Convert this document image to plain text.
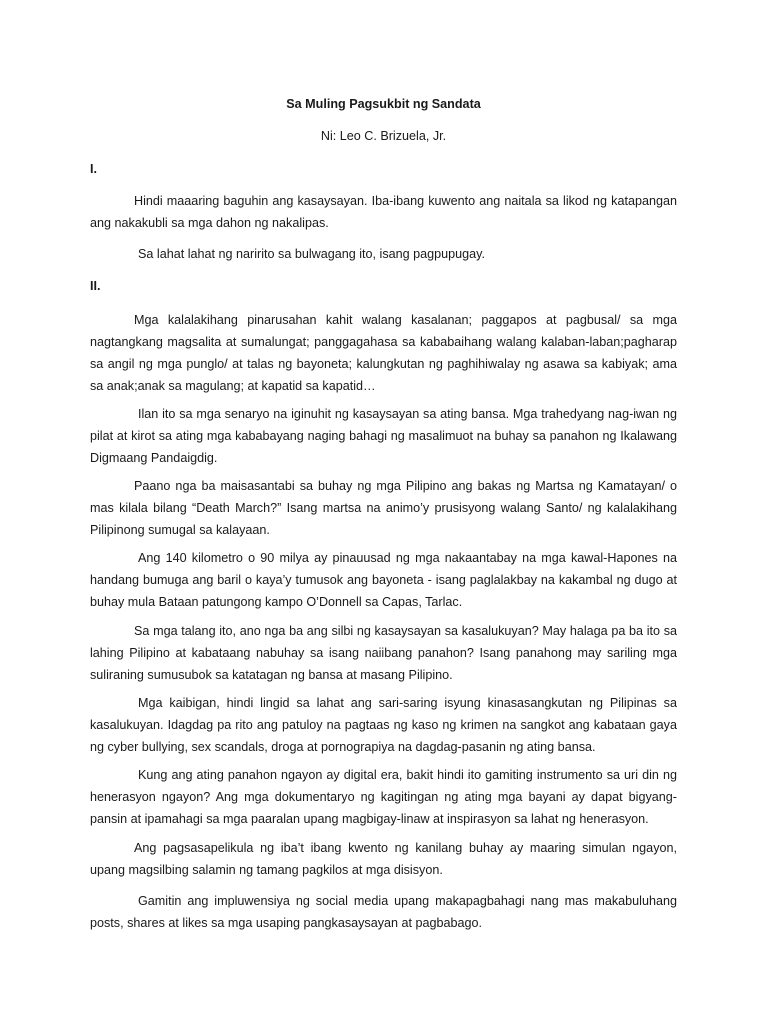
Sa Muling Pagsukbit ng Sandata
Ni: Leo C. Brizuela, Jr.
I.

Hindi maaaring baguhin ang kasaysayan. Iba-ibang kuwento ang naitala sa likod ng katapangan ang nakakubli sa mga dahon ng nakalipas.

Sa lahat lahat ng naririto sa bulwagang ito, isang pagpupugay.

II.

Mga kalalakihang pinarusahan kahit walang kasalanan; paggapos at pagbusal/ sa mga nagtangkang magsalita at sumalungat; panggagahasa sa kababaihang walang kalaban-laban;pagharap sa angil ng mga punglo/ at talas ng bayoneta; kalungkutan ng paghihiwalay ng asawa sa kabiyak; ama sa anak;anak sa magulang; at kapatid sa kapatid…

Ilan ito sa mga senaryo na iginuhit ng kasaysayan sa ating bansa. Mga trahedyang nag-iwan ng pilat at kirot sa ating mga kababayang naging bahagi ng masalimuot na buhay sa panahon ng Ikalawang Digmaang Pandaigdig.

Paano nga ba maisasantabi sa buhay ng mga Pilipino ang bakas ng Martsa ng Kamatayan/ o mas kilala bilang “Death March?” Isang martsa na animo’y prusisyong walang Santo/ ng kalalakihang Pilipinong sumugal sa kalayaan.

Ang 140 kilometro o 90 milya ay pinauusad ng mga nakaantabay na mga kawal-Hapones na handang bumuga ang baril o kaya’y tumusok ang bayoneta - isang paglalakbay na kakambal ng dugo at buhay mula Bataan patungong kampo O’Donnell sa Capas, Tarlac.

Sa mga talang ito, ano nga ba ang silbi ng kasaysayan sa kasalukuyan? May halaga pa ba ito sa lahing Pilipino at kabataang nabuhay sa isang naiibang panahon? Isang panahong may sariling mga suliraning sumusubok sa katatagan ng bansa at masang Pilipino.

Mga kaibigan, hindi lingid sa lahat ang sari-saring isyung kinasasangkutan ng Pilipinas sa kasalukuyan. Idagdag pa rito ang patuloy na pagtaas ng kaso ng krimen na sangkot ang kabataan gaya ng cyber bullying, sex scandals, droga at pornograpiya na dagdag-pasanin ng ating bansa.

Kung ang ating panahon ngayon ay digital era, bakit hindi ito gamiting instrumento sa uri din ng henerasyon ngayon? Ang mga dokumentaryo ng kagitingan ng ating mga bayani ay dapat bigyang-pansin at ipamahagi sa mga paaralan upang magbigay-linaw at inspirasyon sa lahat ng henerasyon.

Ang pagsasapelikula ng iba’t ibang kwento ng kanilang buhay ay maaring simulan ngayon, upang magsilbing salamin ng tamang pagkilos at mga disisyon.

Gamitin ang impluwensiya ng social media upang makapagbahagi nang mas makabuluhang posts, shares at likes sa mga usaping pangkasaysayan at pagbabago.
